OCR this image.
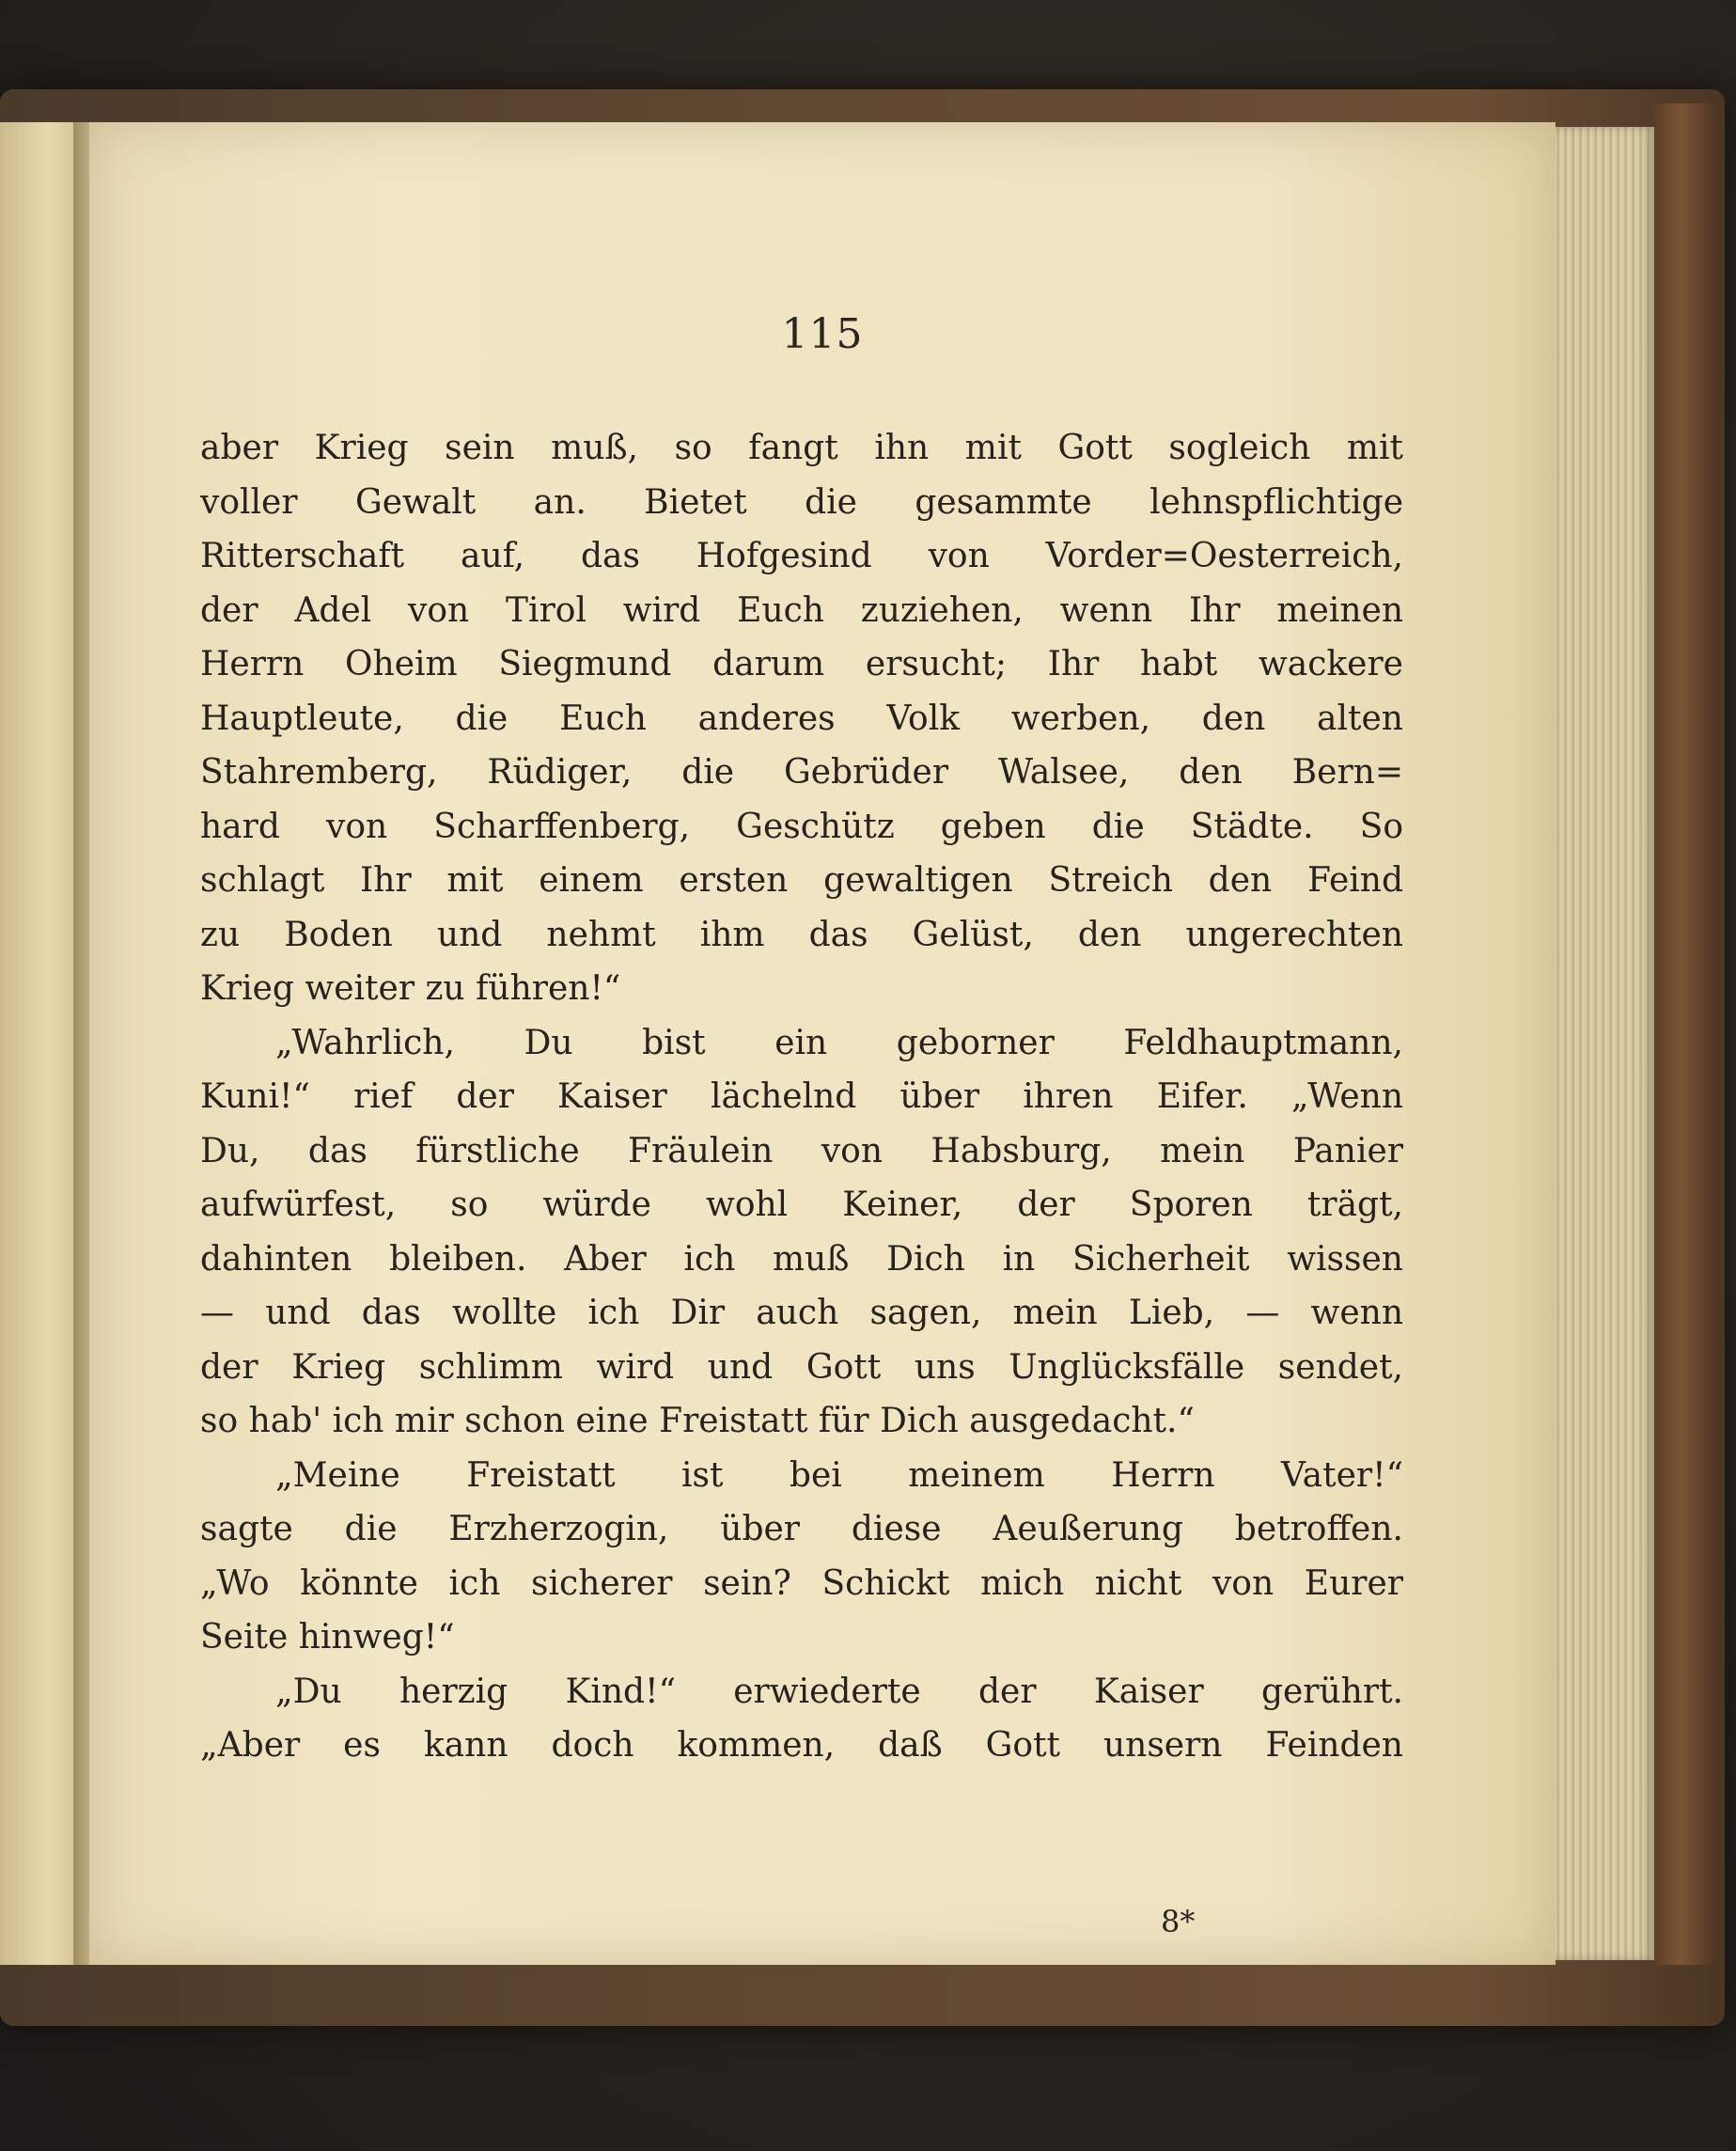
115
aber Krieg sein muß, so fangt ihn mit Gott sogleich mit
voller Gewalt an. Bietet die gesammte lehnspflichtige
Ritterschaft auf, das Hofgesind von Vorder=Oesterreich,
der Adel von Tirol wird Euch zuziehen, wenn Ihr meinen
Herrn Oheim Siegmund darum ersucht; Ihr habt wackere
Hauptleute, die Euch anderes Volk werben, den alten
Stahremberg, Rüdiger, die Gebrüder Walsee, den Bern=
hard von Scharffenberg, Geschütz geben die Städte. So
schlagt Ihr mit einem ersten gewaltigen Streich den Feind
zu Boden und nehmt ihm das Gelüst, den ungerechten
Krieg weiter zu führen!“
„Wahrlich, Du bist ein geborner Feldhauptmann,
Kuni!“ rief der Kaiser lächelnd über ihren Eifer. „Wenn
Du, das fürstliche Fräulein von Habsburg, mein Panier
aufwürfest, so würde wohl Keiner, der Sporen trägt,
dahinten bleiben. Aber ich muß Dich in Sicherheit wissen
— und das wollte ich Dir auch sagen, mein Lieb, — wenn
der Krieg schlimm wird und Gott uns Unglücksfälle sendet,
so hab' ich mir schon eine Freistatt für Dich ausgedacht.“
„Meine Freistatt ist bei meinem Herrn Vater!“
sagte die Erzherzogin, über diese Aeußerung betroffen.
„Wo könnte ich sicherer sein? Schickt mich nicht von Eurer
Seite hinweg!“
„Du herzig Kind!“ erwiederte der Kaiser gerührt.
„Aber es kann doch kommen, daß Gott unsern Feinden
8*
